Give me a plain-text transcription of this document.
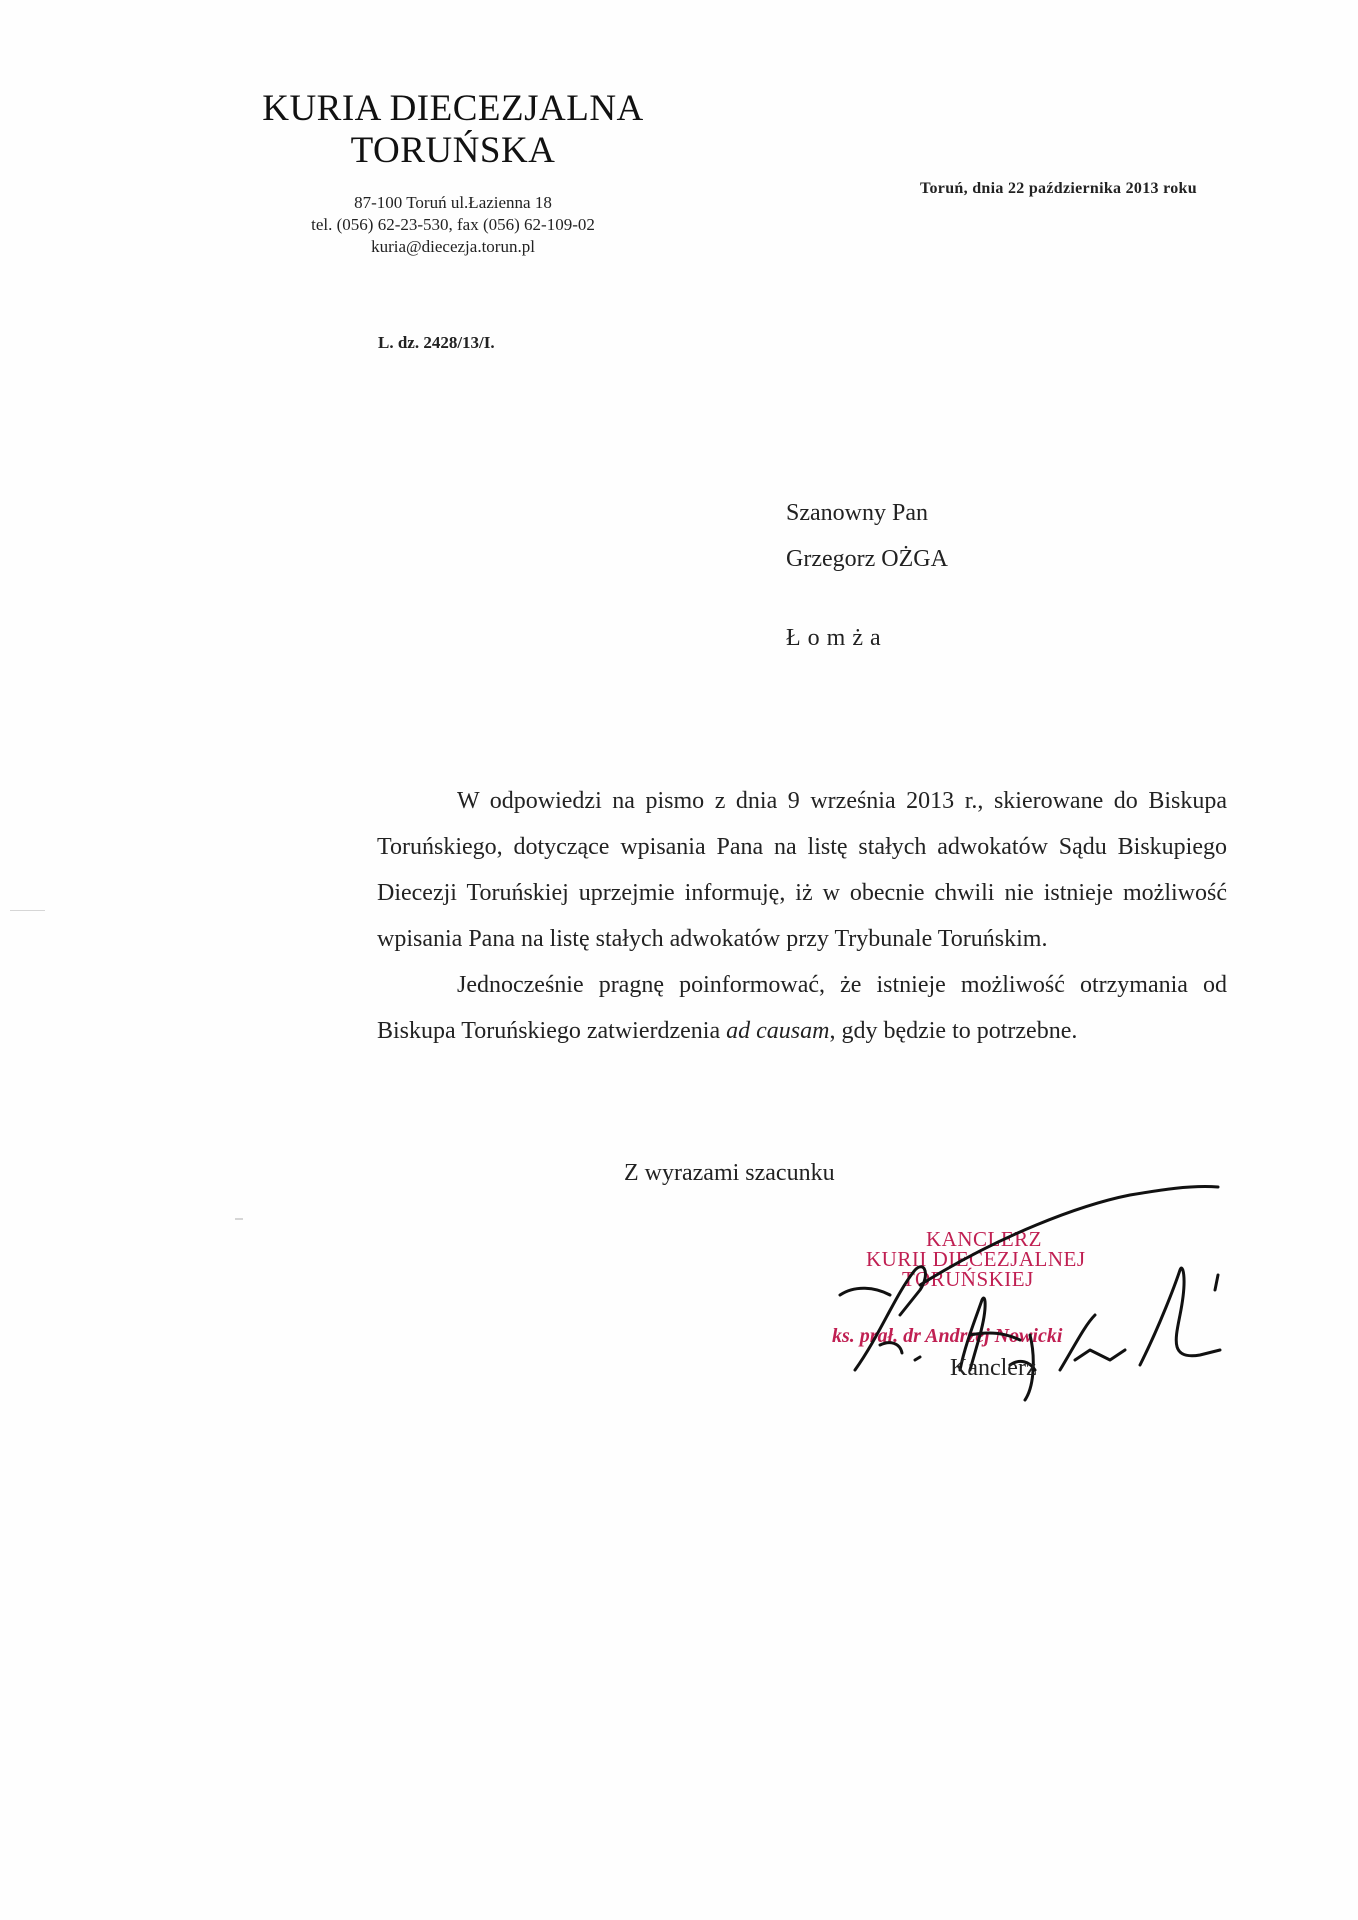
KURIA DIECEZJALNA
TORUŃSKA
87-100 Toruń ul.Łazienna 18
tel. (056) 62-23-530, fax (056) 62-109-02
kuria@diecezja.torun.pl
Toruń, dnia 22 października 2013 roku
L. dz. 2428/13/I.
Szanowny Pan
Grzegorz OŻGA
Łomża

W odpowiedzi na pismo z dnia 9 września 2013 r., skierowane do Biskupa Toruńskiego, dotyczące wpisania Pana na listę stałych adwokatów Sądu Biskupiego Diecezji Toruńskiej uprzejmie informuję, iż w obecnie chwili nie istnieje możliwość wpisania Pana na listę stałych adwokatów przy Trybunale Toruńskim.

Jednocześnie pragnę poinformować, że istnieje możliwość otrzymania od Biskupa Toruńskiego zatwierdzenia ad causam, gdy będzie to potrzebne.

Z wyrazami szacunku
KANCLERZ
KURII DIECEZJALNEJ
TORUŃSKIEJ
ks. prał. dr Andrzej Nowicki
Kanclerz
